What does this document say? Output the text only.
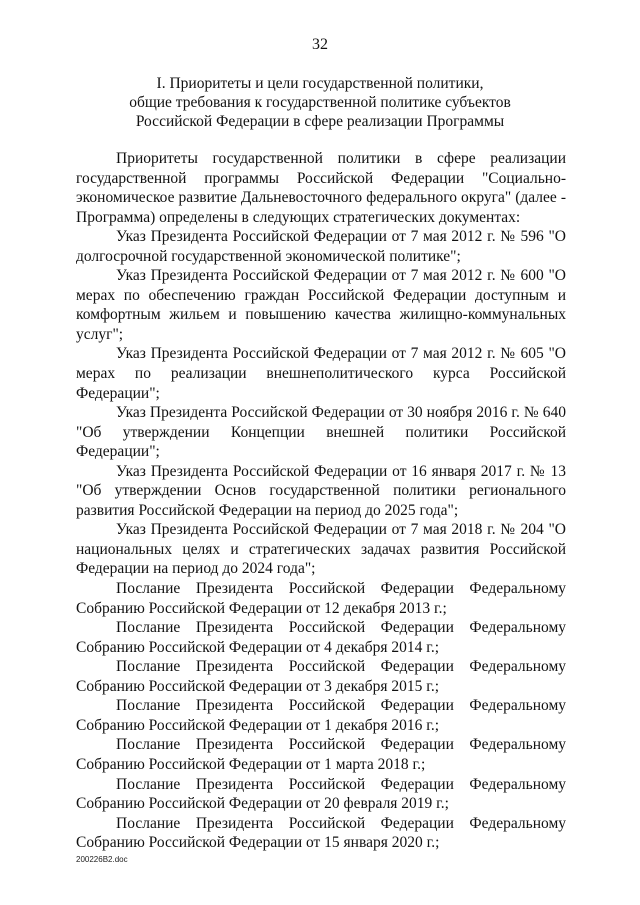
32
I. Приоритеты и цели государственной политики,
общие требования к государственной политике субъектов
Российской Федерации в сфере реализации Программы

Приоритеты государственной политики в сфере реализации государственной программы Российской Федерации "Социально-экономическое развитие Дальневосточного федерального округа" (далее - Программа) определены в следующих стратегических документах:

Указ Президента Российской Федерации от 7 мая 2012 г. № 596 "О долгосрочной государственной экономической политике";

Указ Президента Российской Федерации от 7 мая 2012 г. № 600 "О мерах по обеспечению граждан Российской Федерации доступным и комфортным жильем и повышению качества жилищно-коммунальных услуг";

Указ Президента Российской Федерации от 7 мая 2012 г. № 605 "О мерах по реализации внешнеполитического курса Российской Федерации";

Указ Президента Российской Федерации от 30 ноября 2016 г. № 640 "Об утверждении Концепции внешней политики Российской Федерации";

Указ Президента Российской Федерации от 16 января 2017 г. № 13 "Об утверждении Основ государственной политики регионального развития Российской Федерации на период до 2025 года";

Указ Президента Российской Федерации от 7 мая 2018 г. № 204 "О национальных целях и стратегических задачах развития Российской Федерации на период до 2024 года";

Послание Президента Российской Федерации Федеральному Собранию Российской Федерации от 12 декабря 2013 г.;

Послание Президента Российской Федерации Федеральному Собранию Российской Федерации от 4 декабря 2014 г.;

Послание Президента Российской Федерации Федеральному Собранию Российской Федерации от 3 декабря 2015 г.;

Послание Президента Российской Федерации Федеральному Собранию Российской Федерации от 1 декабря 2016 г.;

Послание Президента Российской Федерации Федеральному Собранию Российской Федерации от 1 марта 2018 г.;

Послание Президента Российской Федерации Федеральному Собранию Российской Федерации от 20 февраля 2019 г.;

Послание Президента Российской Федерации Федеральному Собранию Российской Федерации от 15 января 2020 г.;

200226B2.doc
